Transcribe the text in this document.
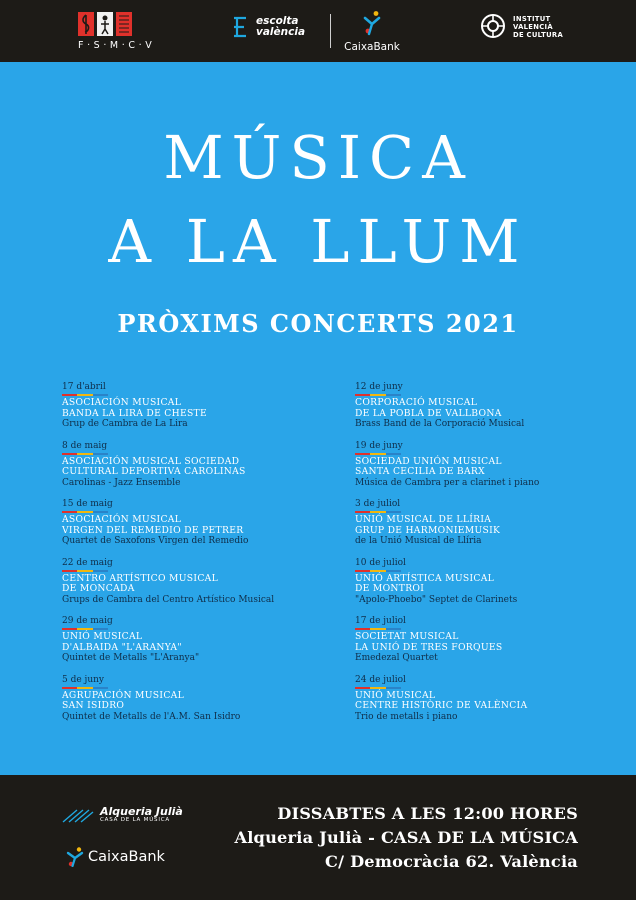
F·S·M·C·V
escolta
valència
CaixaBank
INSTITUT
VALENCIÀ
DE CULTURA
MÚSICA
A LA LLUM
PRÒXIMS CONCERTS 2021
17 d'abril
ASOCIACIÓN MUSICAL
BANDA LA LIRA DE CHESTE
Grup de Cambra de La Lira
8 de maig
ASOCIACIÓN MUSICAL SOCIEDAD
CULTURAL DEPORTIVA CAROLINAS
Carolinas - Jazz Ensemble
15 de maig
ASOCIACIÓN MUSICAL
VIRGEN DEL REMEDIO DE PETRER
Quartet de Saxofons Virgen del Remedio
22 de maig
CENTRO ARTÍSTICO MUSICAL
DE MONCADA
Grups de Cambra del Centro Artístico Musical
29 de maig
UNIÓ MUSICAL
D'ALBAIDA "L'ARANYA"
Quintet de Metalls "L'Aranya"
5 de juny
AGRUPACIÓN MUSICAL
SAN ISIDRO
Quintet de Metalls de l'A.M. San Isidro
12 de juny
CORPORACIÓ MUSICAL
DE LA POBLA DE VALLBONA
Brass Band de la Corporació Musical
19 de juny
SOCIEDAD UNIÓN MUSICAL
SANTA CECILIA DE BARX
Música de Cambra per a clarinet i piano
3 de juliol
UNIÓ MUSICAL DE LLÍRIA
GRUP DE HARMONIEMUSIK
de la Unió Musical de Llíria
10 de juliol
UNIÓ ARTÍSTICA MUSICAL
DE MONTROI
"Apolo-Phoebo" Septet de Clarinets
17 de juliol
SOCIETAT MUSICAL
LA UNIÓ DE TRES FORQUES
Emedezal Quartet
24 de juliol
UNIÓ MUSICAL
CENTRE HISTÒRIC DE VALÈNCIA
Trio de metalls i piano
Alqueria Julià
CASA DE LA MÚSICA
CaixaBank
DISSABTES A LES 12:00 HORES
Alqueria Julià - CASA DE LA MÚSICA
C/ Democràcia 62. València
